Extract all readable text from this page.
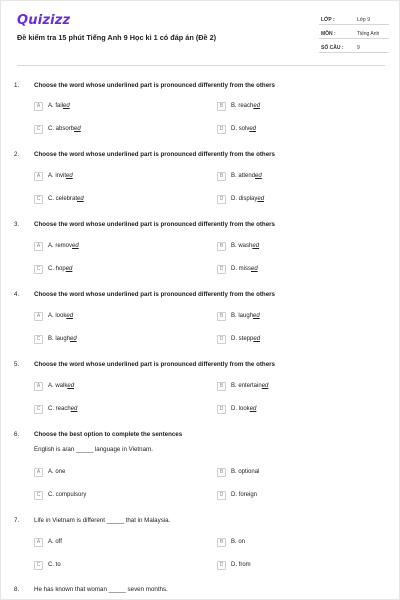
Quizizz
Đề kiểm tra 15 phút Tiếng Anh 9 Học kì 1 có đáp án (Đề 2)
LỚP :	Lớp 9
MÔN :	Tiếng Anh
SỐ CÂU :	9
1. Choose the word whose underlined part is pronounced differently from the others
A	A. failed	B	B. reached
C	C. absorbed	D	D. solved
2. Choose the word whose underlined part is pronounced differently from the others
A	A. invited	B	B. attended
C	C. celebrated	D	D. displayed
3. Choose the word whose underlined part is pronounced differently from the others
A	A. removed	B	B. washed
C	C. hoped	D	D. missed
4. Choose the word whose underlined part is pronounced differently from the others
A	A. looked	B	B. laughed
C	B. laughed	D	D. stepped
5. Choose the word whose underlined part is pronounced differently from the others
A	A. walked	B	B. entertained
C	C. reached	D	D. looked
6. Choose the best option to complete the sentences
English is a/an _____ language in Vietnam.
A	A. one	B	B. optional
C	C. compulsory	D	D. foreign
7. Life in Vietnam is different _____ that in Malaysia.
A	A. off	B	B. on
C	C. to	D	D. from
8. He has known that woman _____ seven months.
